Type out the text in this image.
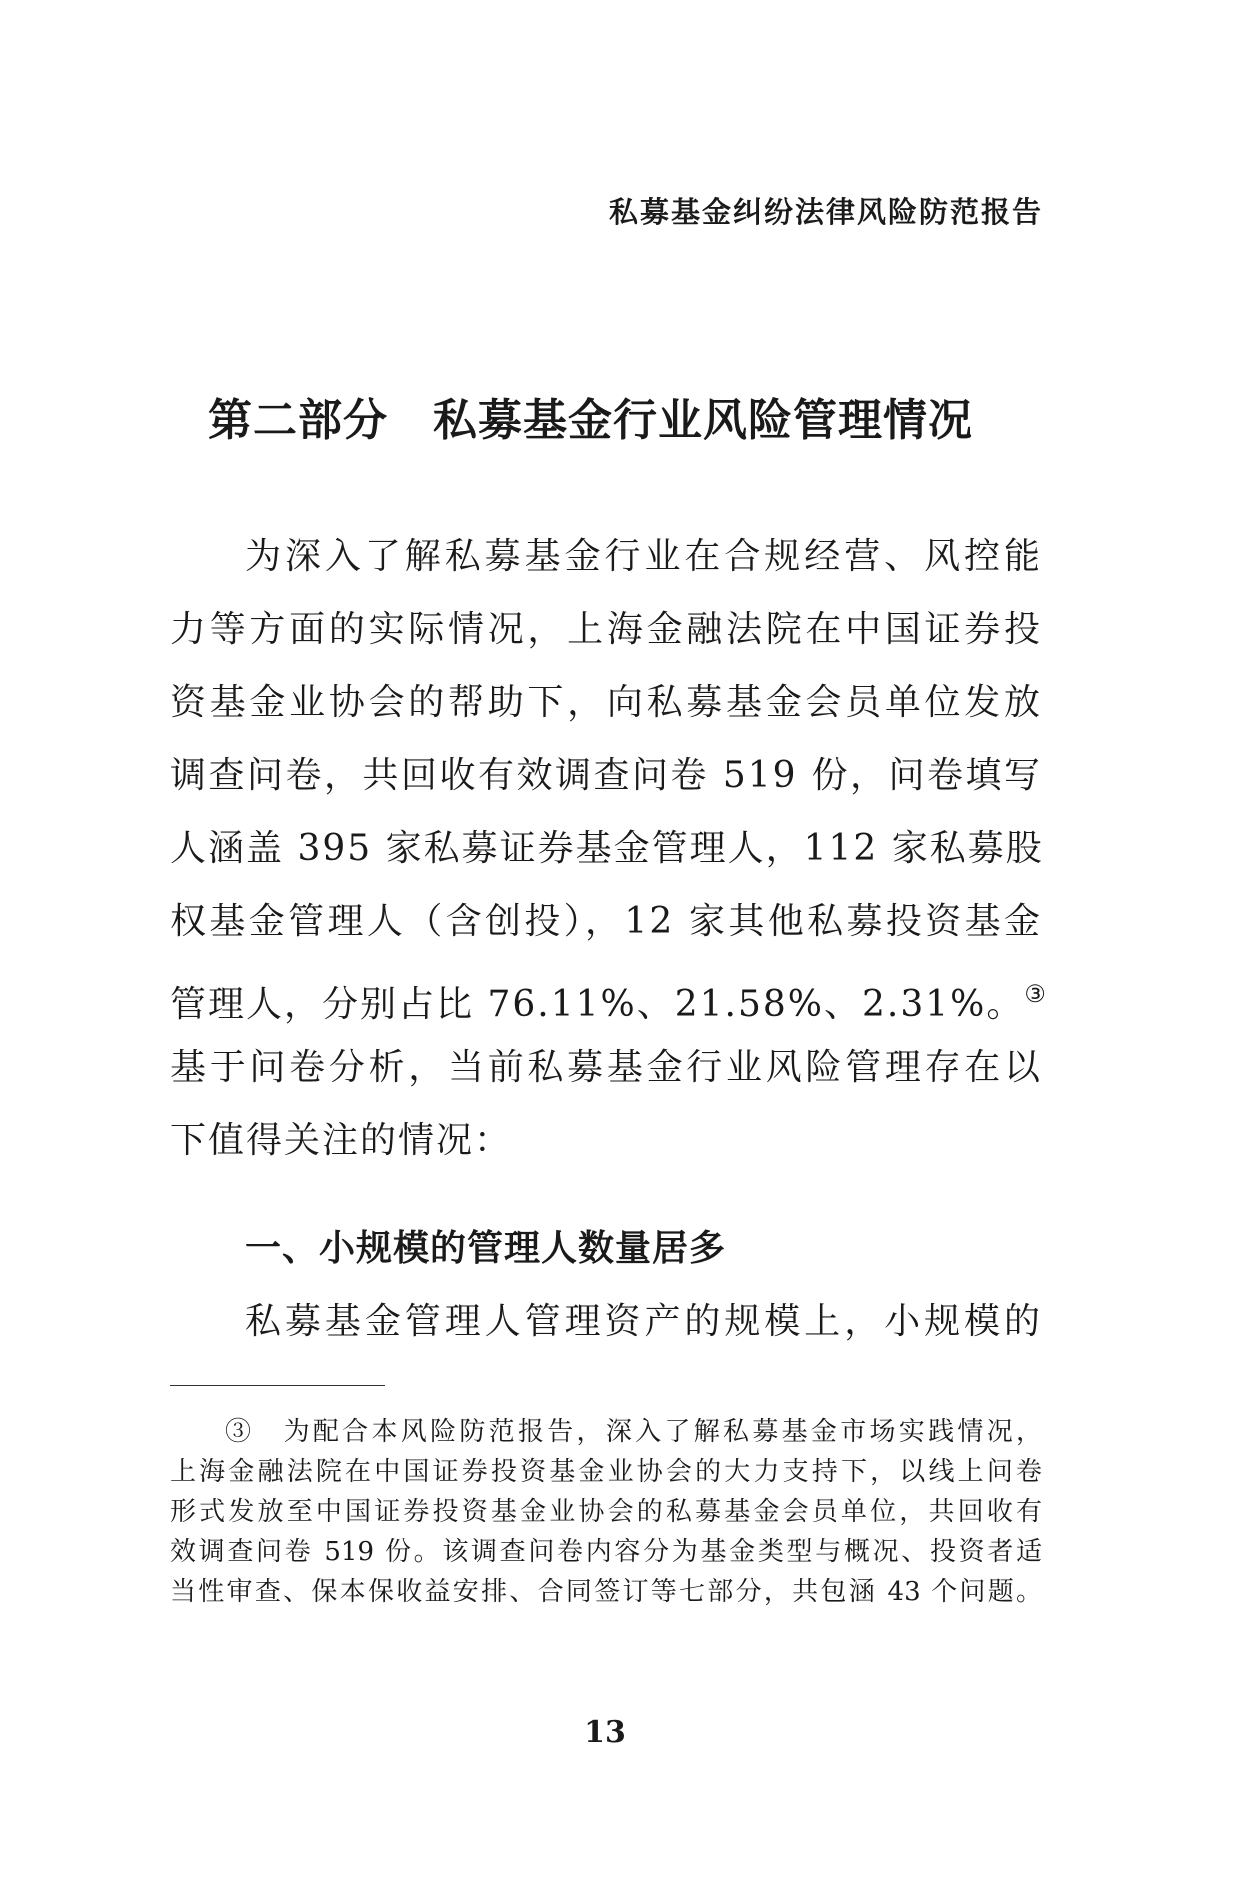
私募基金纠纷法律风险防范报告
第二部分　私募基金行业风险管理情况
为深入了解私募基金行业在合规经营、风控能
力等方面的实际情况，上海金融法院在中国证券投
资基金业协会的帮助下，向私募基金会员单位发放
调查问卷，共回收有效调查问卷 519 份，问卷填写
人涵盖 395 家私募证券基金管理人，112 家私募股
权基金管理人（含创投），12 家其他私募投资基金
管理人，分别占比 76.11%、21.58%、2.31%。③
基于问卷分析，当前私募基金行业风险管理存在以
下值得关注的情况：
一、小规模的管理人数量居多
私募基金管理人管理资产的规模上，小规模的
③　为配合本风险防范报告，深入了解私募基金市场实践情况，
上海金融法院在中国证券投资基金业协会的大力支持下，以线上问卷
形式发放至中国证券投资基金业协会的私募基金会员单位，共回收有
效调查问卷 519 份。该调查问卷内容分为基金类型与概况、投资者适
当性审查、保本保收益安排、合同签订等七部分，共包涵 43 个问题。
13
